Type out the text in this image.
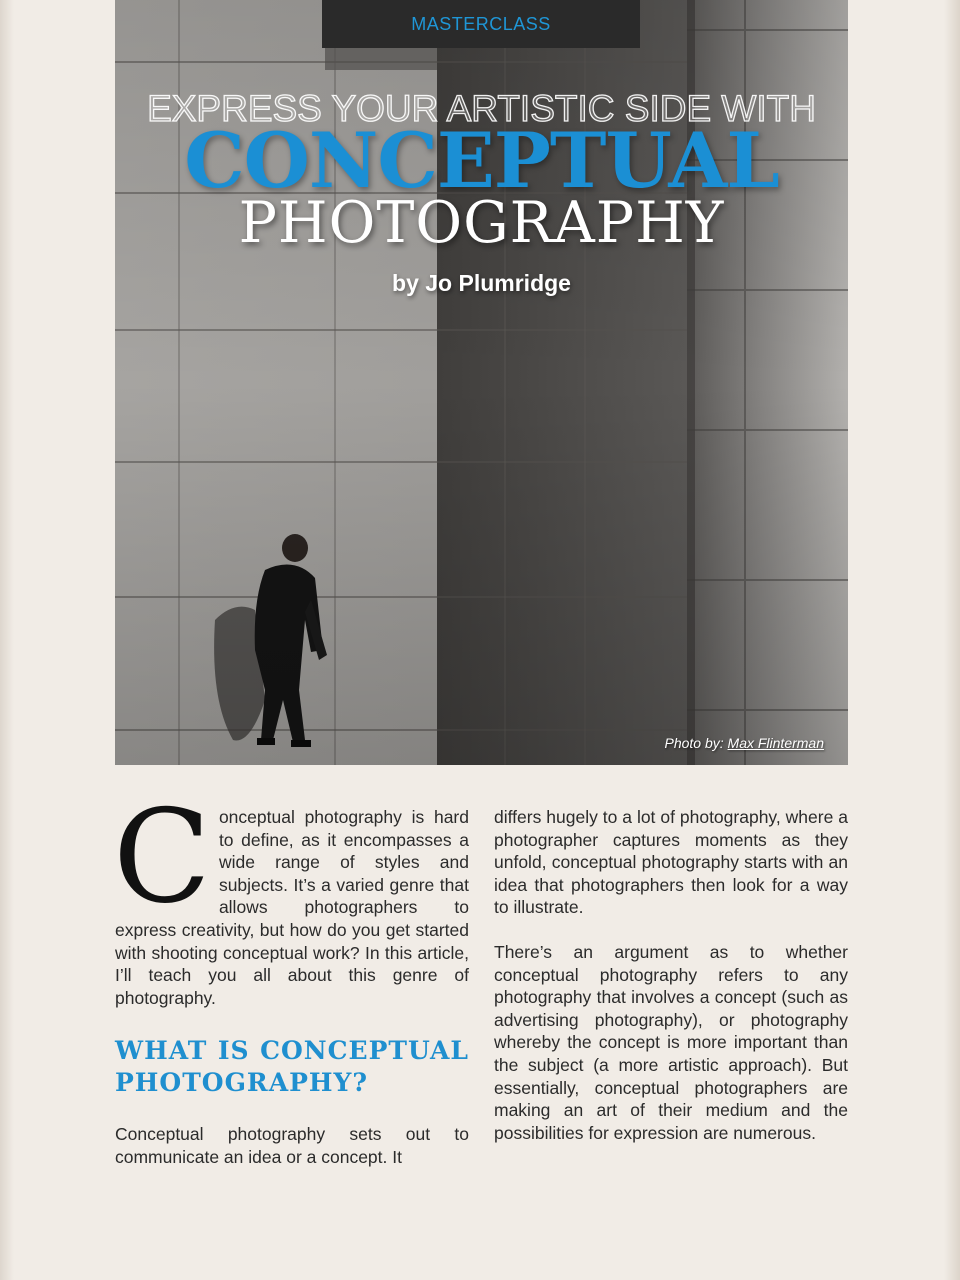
MASTERCLASS
EXPRESS YOUR ARTISTIC SIDE WITH
CONCEPTUAL
PHOTOGRAPHY
by Jo Plumridge
Photo by: Max Flinterman

Conceptual photography is hard to define, as it encompasses a wide range of styles and subjects. It’s a varied genre that allows photographers to express creativity, but how do you get started with shooting conceptual work? In this article, I’ll teach you all about this genre of photography.

WHAT IS CONCEPTUAL PHOTOGRAPHY?

Conceptual photography sets out to communicate an idea or a concept. It

differs hugely to a lot of photography, where a photographer captures moments as they unfold, conceptual photography starts with an idea that photographers then look for a way to illustrate.

There’s an argument as to whether conceptual photography refers to any photography that involves a concept (such as advertising photography), or photography whereby the concept is more important than the subject (a more artistic approach). But essentially, conceptual photographers are making an art of their medium and the possibilities for expression are numerous.
